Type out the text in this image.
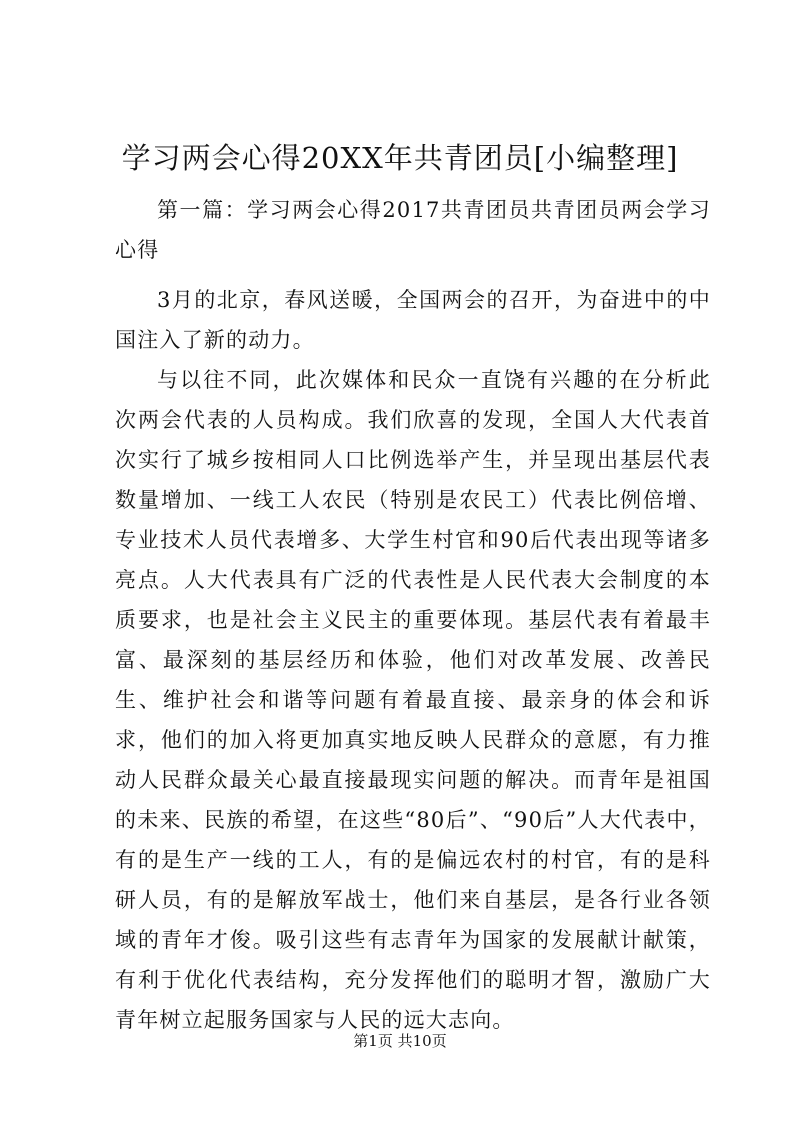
学习两会心得20XX年共青团员[小编整理]

第一篇：学习两会心得2017共青团员共青团员两会学习心得

3月的北京，春风送暖，全国两会的召开，为奋进中的中国注入了新的动力。

与以往不同，此次媒体和民众一直饶有兴趣的在分析此次两会代表的人员构成。我们欣喜的发现，全国人大代表首次实行了城乡按相同人口比例选举产生，并呈现出基层代表数量增加、一线工人农民（特别是农民工）代表比例倍增、专业技术人员代表增多、大学生村官和90后代表出现等诸多亮点。人大代表具有广泛的代表性是人民代表大会制度的本质要求，也是社会主义民主的重要体现。基层代表有着最丰富、最深刻的基层经历和体验，他们对改革发展、改善民生、维护社会和谐等问题有着最直接、最亲身的体会和诉求，他们的加入将更加真实地反映人民群众的意愿，有力推动人民群众最关心最直接最现实问题的解决。而青年是祖国的未来、民族的希望，在这些“80后”、“90后”人大代表中，有的是生产一线的工人，有的是偏远农村的村官，有的是科研人员，有的是解放军战士，他们来自基层，是各行业各领域的青年才俊。吸引这些有志青年为国家的发展献计献策，有利于优化代表结构，充分发挥他们的聪明才智，激励广大青年树立起服务国家与人民的远大志向。

第1页 共10页
